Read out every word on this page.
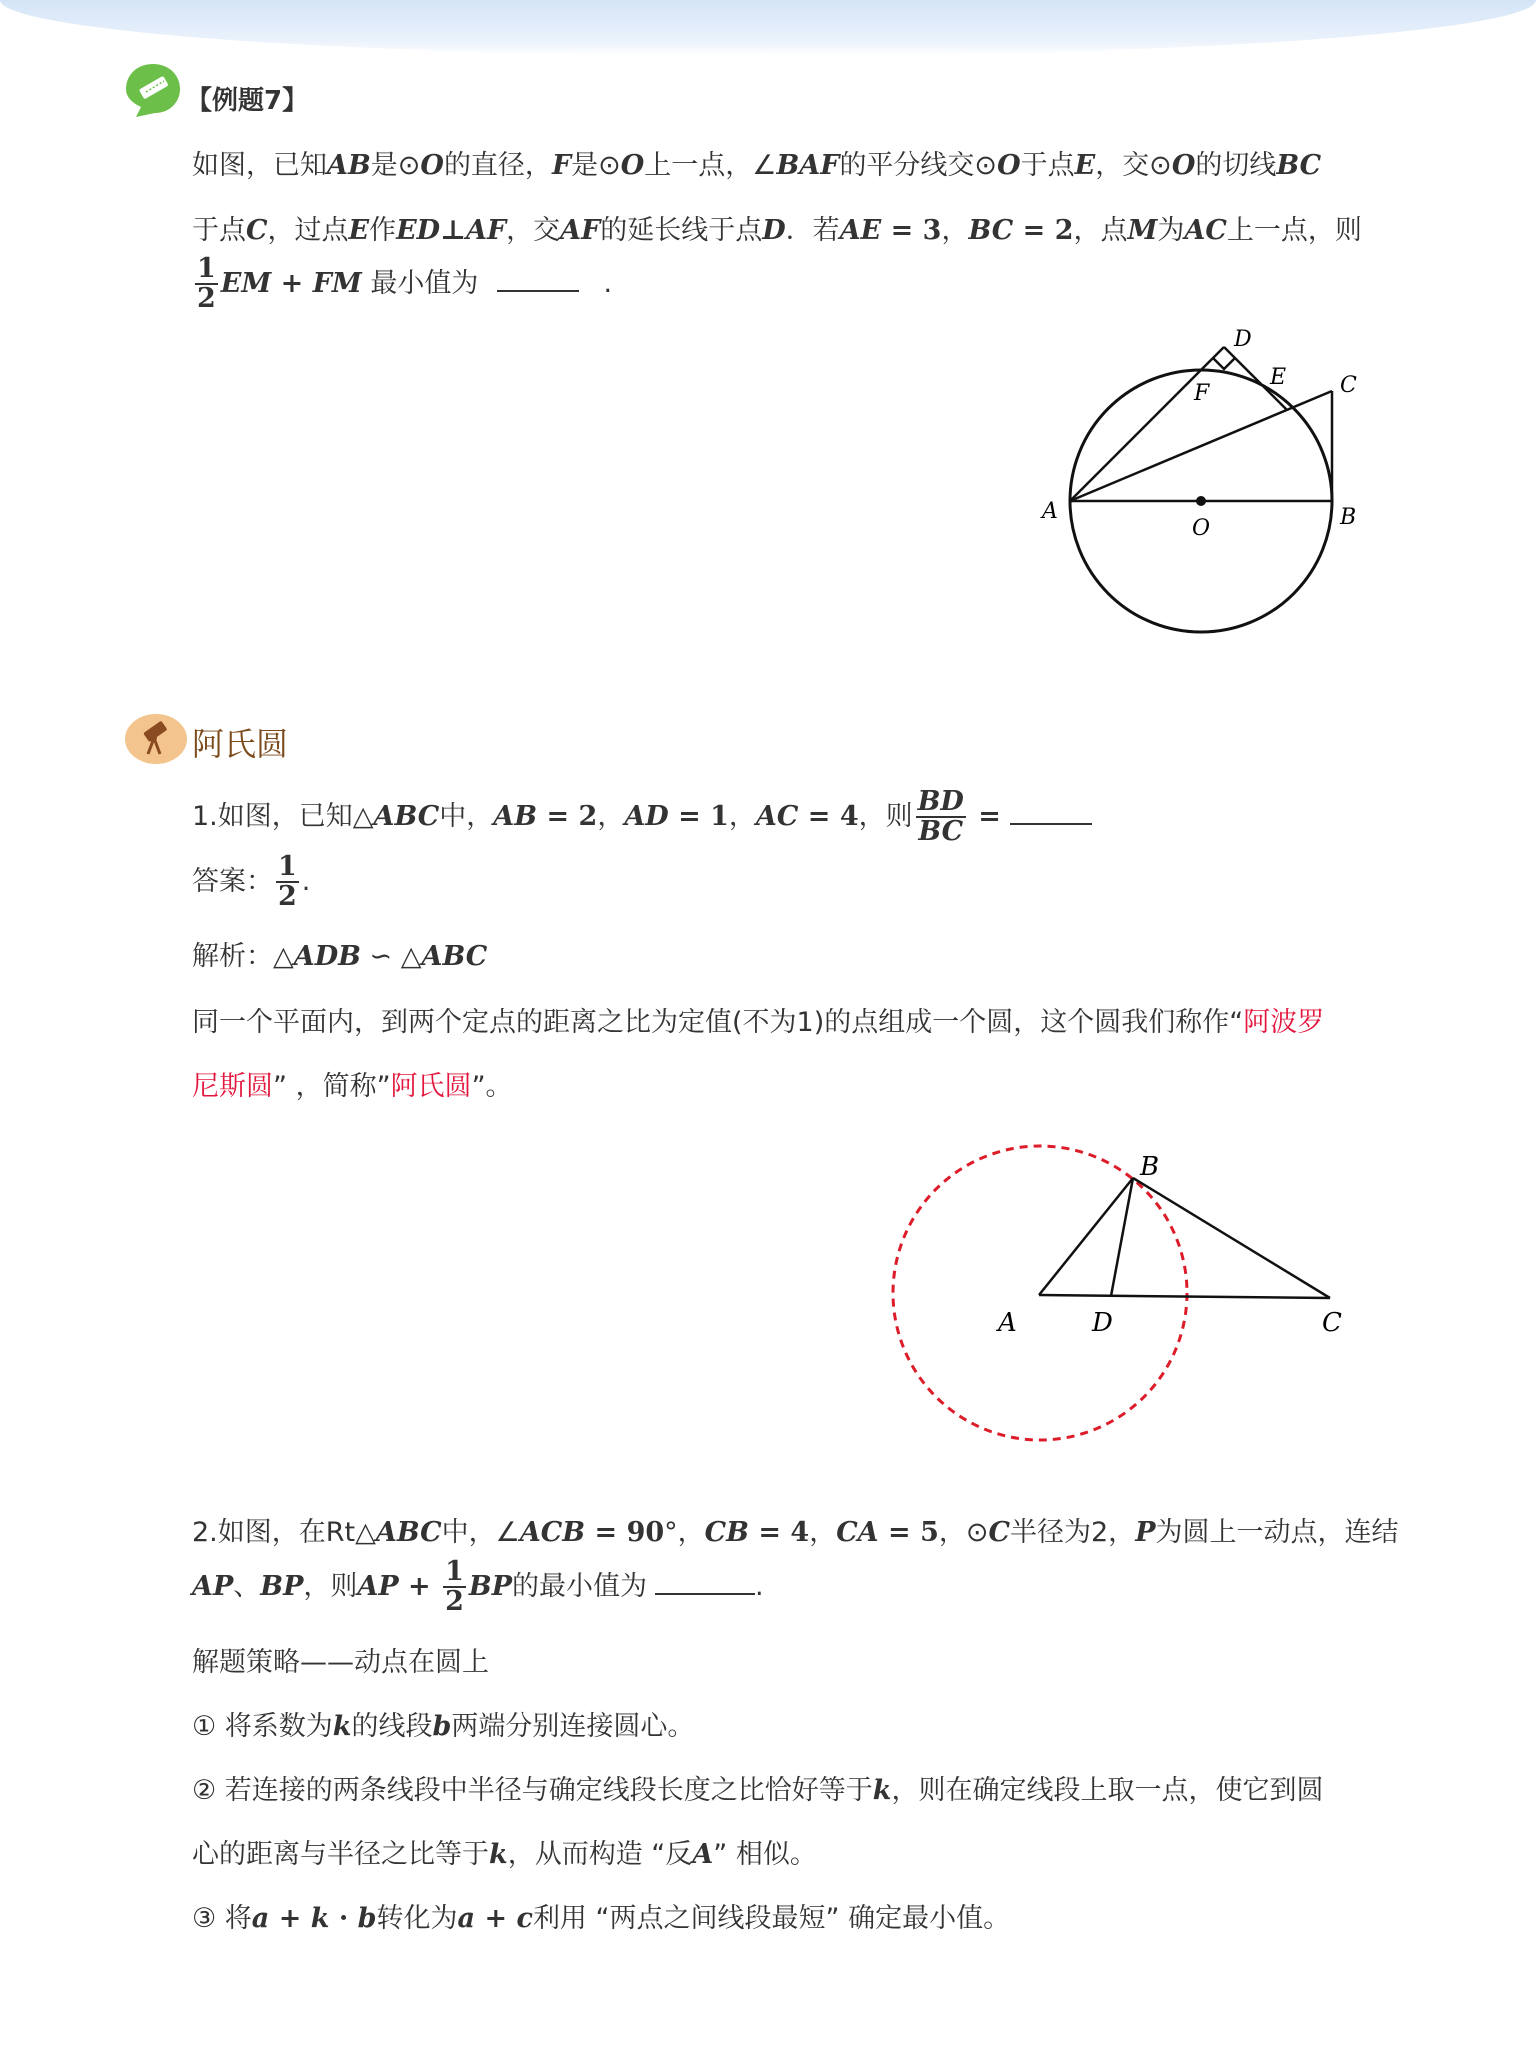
【例题7】
如图，已知AB是⊙O的直径，F是⊙O上一点，∠BAF的平分线交⊙O于点E，交⊙O的切线BC
于点C，过点E作ED⊥AF，交AF的延长线于点D．若AE = 3，BC = 2，点M为AC上一点，则
$\frac{1}{2}$ EM + FM 最小值为	.
A
O	B
C
D
E
F
阿氏圆
1.如图，已知△ABC中，AB = 2，AD = 1，AC = 4，则 $\frac{BD}{BC}$ =
答案： $\frac{1}{2}$ .
解析：△ADB ∽ △ABC
同一个平面内，到两个定点的距离之比为定值(不为1)的点组成一个圆，这个圆我们称作“阿波罗
尼斯圆” ，简称”阿氏圆”。
A	D	C
B
2.如图，在Rt△ABC中，∠ACB = 90°，CB = 4，CA = 5，⊙C半径为2，P为圆上一动点，连结
AP、BP，则AP + $\frac{1}{2}$ BP的最小值为	.
解题策略——动点在圆上
① 将系数为k的线段b两端分别连接圆心。
② 若连接的两条线段中半径与确定线段长度之比恰好等于k，则在确定线段上取一点，使它到圆
心的距离与半径之比等于k，从而构造 “反A” 相似。
③ 将a + k · b转化为a + c利用 “两点之间线段最短” 确定最小值。
